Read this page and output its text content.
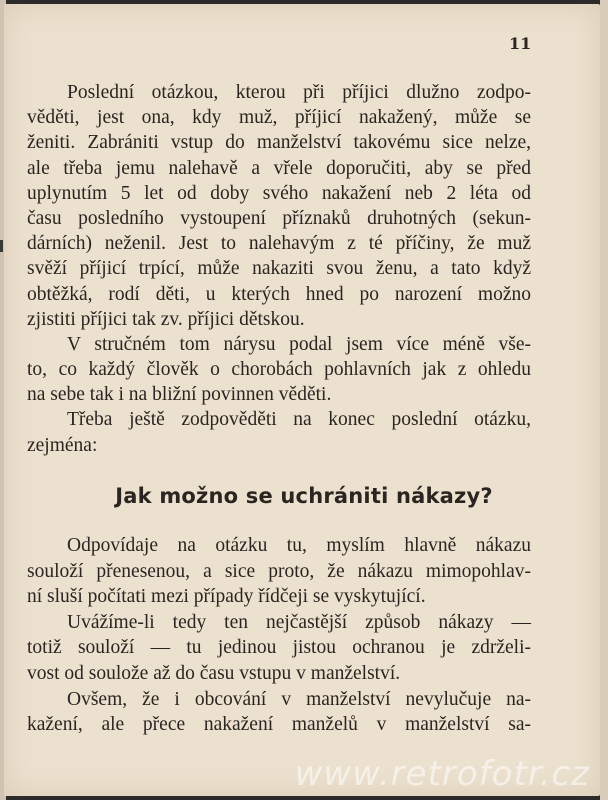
11
Poslední otázkou, kterou při příjici dlužno zodpo-
věděti, jest ona, kdy muž, příjicí nakažený, může se
ženiti. Zabrániti vstup do manželství takovému sice nelze,
ale třeba jemu nalehavě a vřele doporučiti, aby se před
uplynutím 5 let od doby svého nakažení neb 2 léta od
času posledního vystoupení příznaků druhotných (sekun-
dárních) neženil. Jest to nalehavým z té příčiny, že muž
svěží příjicí trpící, může nakaziti svou ženu, a tato když
obtěžká, rodí děti, u kterých hned po narození možno
zjistiti příjici tak zv. příjici dětskou.
V stručném tom nárysu podal jsem více méně vše-
to, co každý člověk o chorobách pohlavních jak z ohledu
na sebe tak i na bližní povinnen věděti.
Třeba ještě zodpověděti na konec poslední otázku,
zejména:
Jak možno se uchrániti nákazy?
Odpovídaje na otázku tu, myslím hlavně nákazu
souloží přenesenou, a sice proto, že nákazu mimopohlav-
ní sluší počítati mezi případy řídčeji se vyskytující.
Uvážíme-li tedy ten nejčastější způsob nákazy —
totiž souloží — tu jedinou jistou ochranou je zdrželi-
vost od soulože až do času vstupu v manželství.
Ovšem, že i obcování v manželství nevylučuje na-
kažení, ale přece nakažení manželů v manželství sa-
www.retrofotr.cz
